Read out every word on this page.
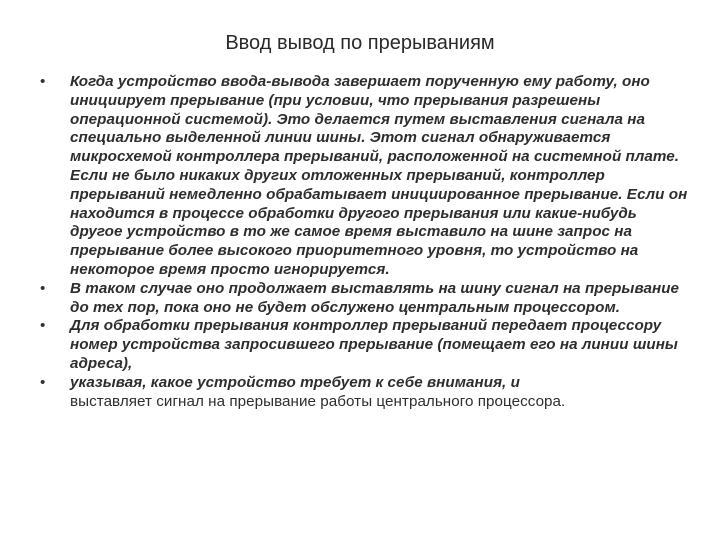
Ввод вывод по прерываниям
• Когда устройство ввода-вывода завершает порученную ему работу, оно инициирует прерывание (при условии, что прерывания разрешены операционной системой). Это делается путем выставления сигнала на специально выделенной линии шины. Этот сигнал обнаруживается микросхемой контроллера прерываний, расположенной на системной плате. Если не было никаких других отложенных прерываний, контроллер прерываний немедленно обрабатывает инициированное прерывание. Если он находится в процессе обработки другого прерывания или какие-нибудь другое устройство в то же самое время выставило на шине запрос на прерывание более высокого приоритетного уровня, то устройство на некоторое время просто игнорируется.
• В таком случае оно продолжает выставлять на шину сигнал на прерывание до тех пор, пока оно не будет обслужено центральным процессором.
• Для обработки прерывания контроллер прерываний передает процессору номер устройства запросившего прерывание (помещает его на линии шины адреса),
• указывая, какое устройство требует к себе внимания, и
выставляет сигнал на прерывание работы центрального процессора.
